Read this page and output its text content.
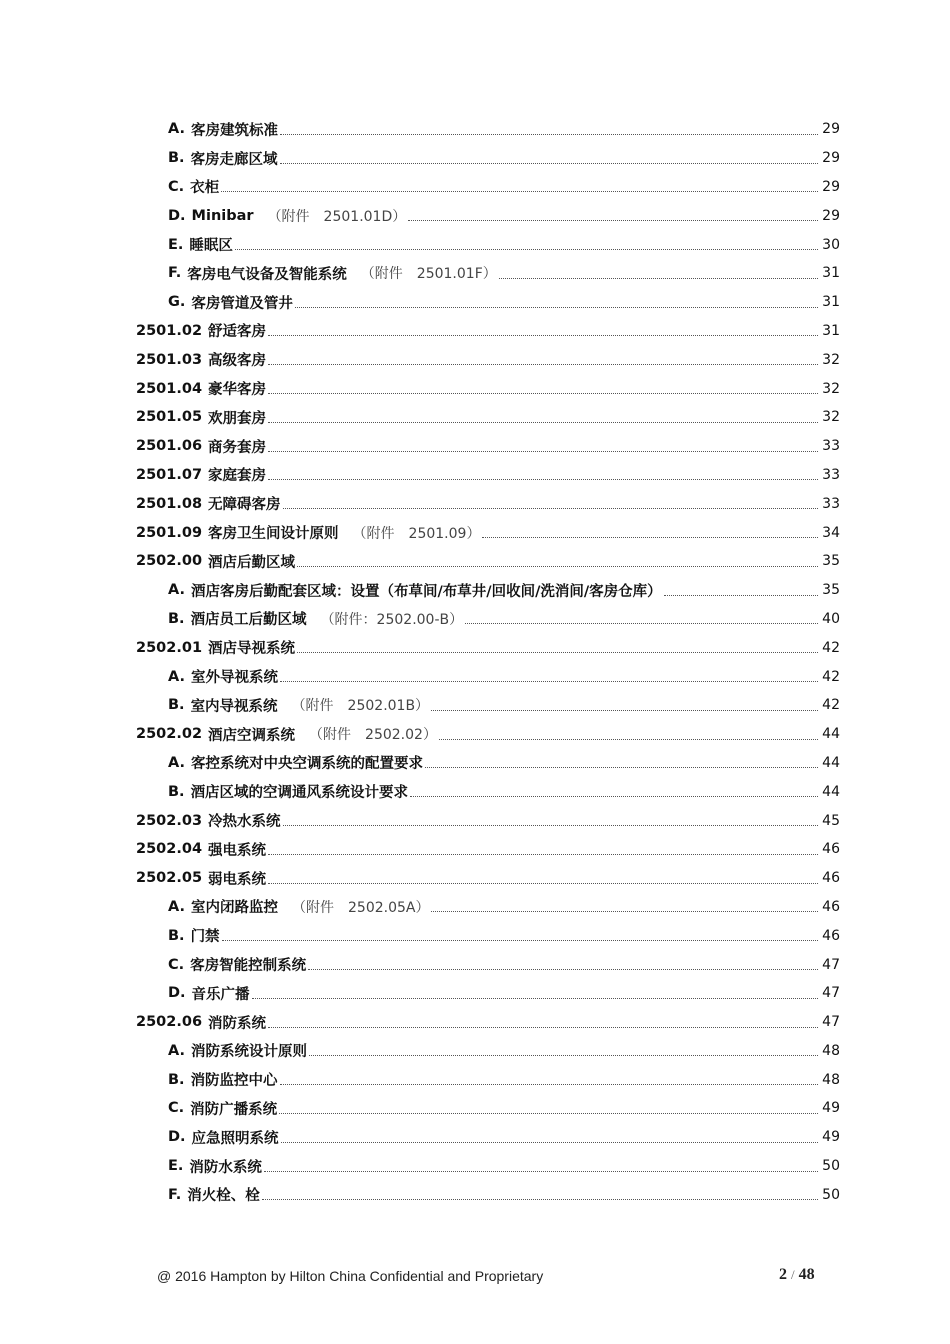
A. 客房建筑标准	29
B. 客房走廊区域	29
C. 衣柜	29
D. Minibar （附件　2501.01D）	29
E. 睡眠区	30
F. 客房电气设备及智能系统 （附件　2501.01F）	31
G. 客房管道及管井	31
2501.02 舒适客房	31
2501.03 高级客房	32
2501.04 豪华客房	32
2501.05 欢朋套房	32
2501.06 商务套房	33
2501.07 家庭套房	33
2501.08 无障碍客房	33
2501.09 客房卫生间设计原则 （附件　2501.09）	34
2502.00 酒店后勤区域	35
A. 酒店客房后勤配套区域：设置（布草间/布草井/回收间/洗消间/客房仓库）	35
B. 酒店员工后勤区域 （附件：2502.00-B）	40
2502.01 酒店导视系统	42
A. 室外导视系统	42
B. 室内导视系统 （附件　2502.01B）	42
2502.02 酒店空调系统 （附件　2502.02）	44
A. 客控系统对中央空调系统的配置要求	44
B. 酒店区域的空调通风系统设计要求	44
2502.03 冷热水系统	45
2502.04 强电系统	46
2502.05 弱电系统	46
A. 室内闭路监控 （附件　2502.05A）	46
B. 门禁	46
C. 客房智能控制系统	47
D. 音乐广播	47
2502.06 消防系统	47
A. 消防系统设计原则	48
B. 消防监控中心	48
C. 消防广播系统	49
D. 应急照明系统	49
E. 消防水系统	50
F. 消火栓、栓	50
@ 2016 Hampton by Hilton China Confidential and Proprietary	2 / 48
